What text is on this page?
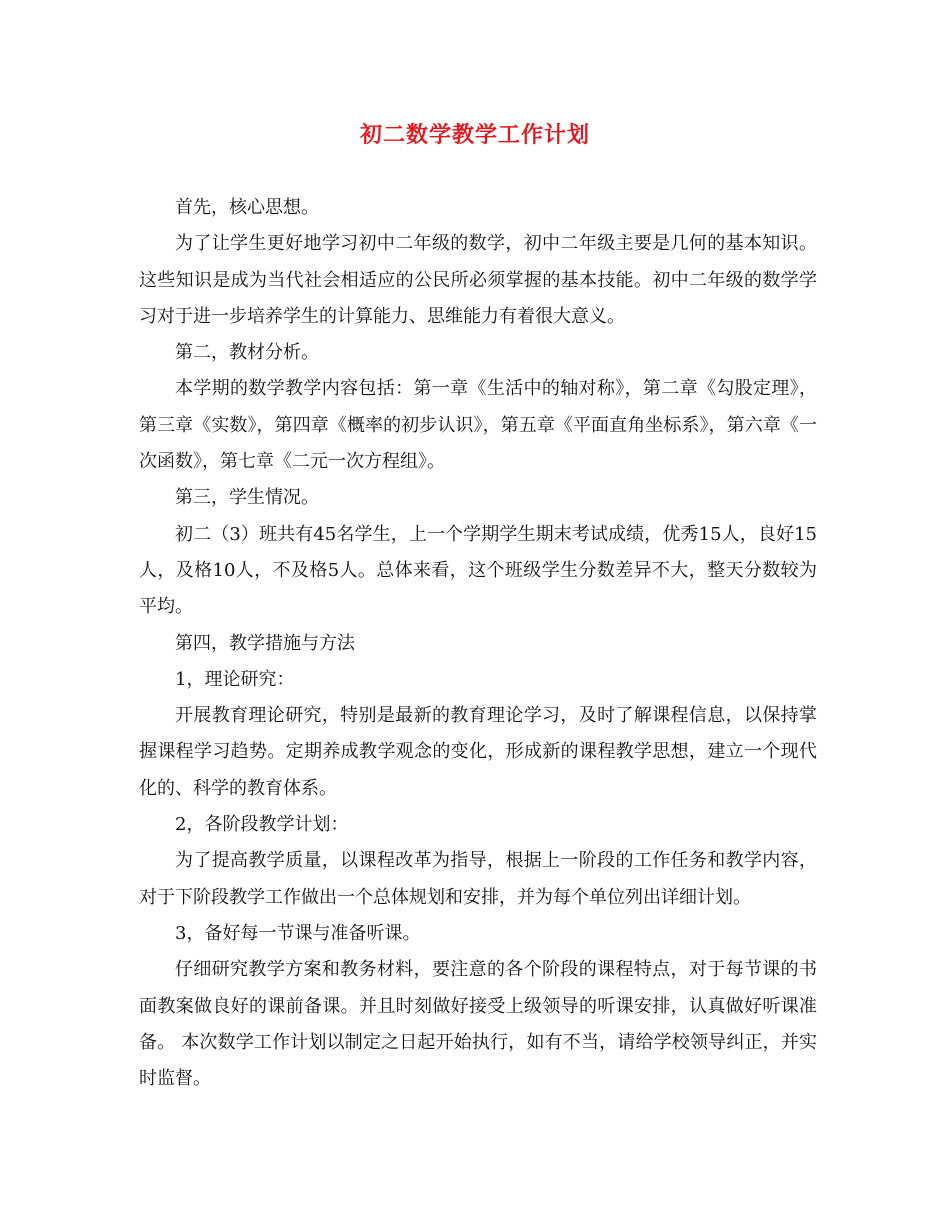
初二数学教学工作计划

首先，核心思想。

为了让学生更好地学习初中二年级的数学，初中二年级主要是几何的基本知识。这些知识是成为当代社会相适应的公民所必须掌握的基本技能。初中二年级的数学学习对于进一步培养学生的计算能力、思维能力有着很大意义。

第二，教材分析。

本学期的数学教学内容包括：第一章《生活中的轴对称》，第二章《勾股定理》，第三章《实数》，第四章《概率的初步认识》，第五章《平面直角坐标系》，第六章《一次函数》，第七章《二元一次方程组》。

第三，学生情况。

初二（3）班共有45名学生，上一个学期学生期末考试成绩，优秀15人，良好15人，及格10人，不及格5人。总体来看，这个班级学生分数差异不大，整天分数较为平均。

第四，教学措施与方法

1，理论研究：

开展教育理论研究，特别是最新的教育理论学习，及时了解课程信息，以保持掌握课程学习趋势。定期养成教学观念的变化，形成新的课程教学思想，建立一个现代化的、科学的教育体系。

2，各阶段教学计划：

为了提高教学质量，以课程改革为指导，根据上一阶段的工作任务和教学内容，对于下阶段教学工作做出一个总体规划和安排，并为每个单位列出详细计划。

3，备好每一节课与准备听课。

仔细研究教学方案和教务材料，要注意的各个阶段的课程特点，对于每节课的书面教案做良好的课前备课。并且时刻做好接受上级领导的听课安排，认真做好听课准备。 本次数学工作计划以制定之日起开始执行，如有不当，请给学校领导纠正，并实时监督。
